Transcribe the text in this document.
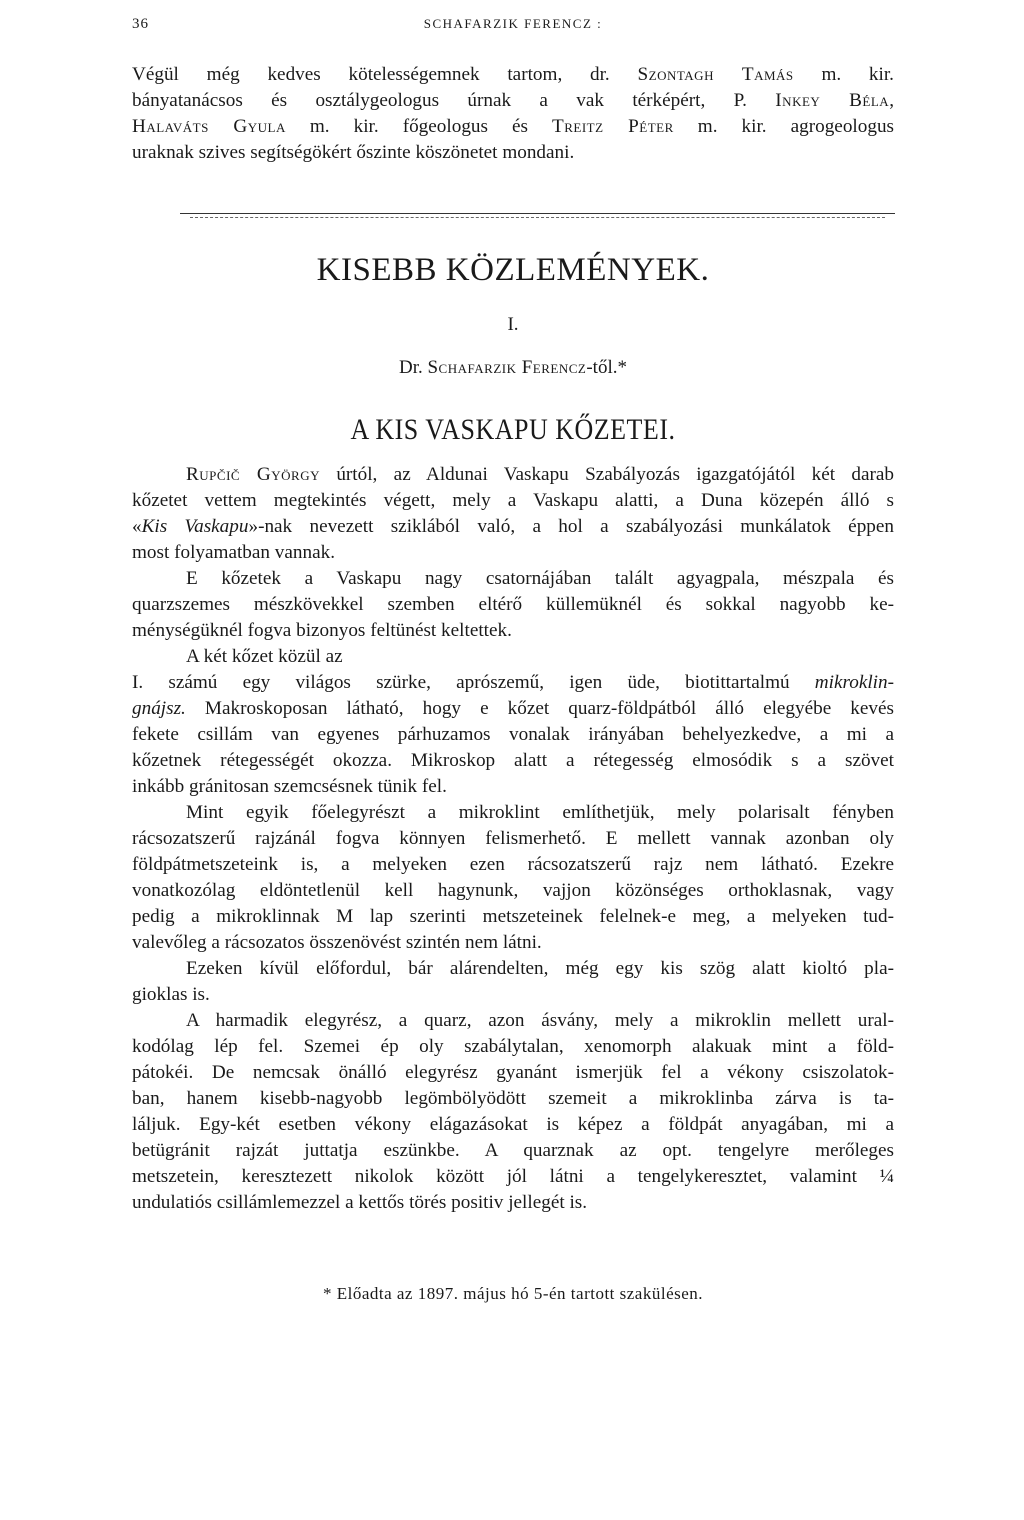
36	SCHAFARZIK FERENCZ :
Végül még kedves kötelességemnek tartom, dr. Szontagh Tamás m. kir.
bányatanácsos és osztálygeologus úrnak a vak térképért, P. Inkey Béla,
Halaváts Gyula m. kir. főgeologus és Treitz Péter m. kir. agrogeologus
uraknak szives segítségökért őszinte köszönetet mondani.
KISEBB KÖZLEMÉNYEK.
I.
Dr. Schafarzik Ferencz-től.*
A KIS VASKAPU KŐZETEI.
Rupčič György úrtól, az Aldunai Vaskapu Szabályozás igazgatójától két darab
kőzetet vettem megtekintés végett, mely a Vaskapu alatti, a Duna közepén álló s
«Kis Vaskapu»-nak nevezett sziklából való, a hol a szabályozási munkálatok éppen
most folyamatban vannak.
E kőzetek a Vaskapu nagy csatornájában talált agyagpala, mészpala és
quarzszemes mészkövekkel szemben eltérő küllemüknél és sokkal nagyobb ke-
ménységüknél fogva bizonyos feltünést keltettek.
A két kőzet közül az
I. számú egy világos szürke, aprószemű, igen üde, biotittartalmú mikroklin-
gnájsz. Makroskoposan látható, hogy e kőzet quarz-földpátból álló elegyébe kevés
fekete csillám van egyenes párhuzamos vonalak irányában behelyezkedve, a mi a
kőzetnek rétegességét okozza. Mikroskop alatt a rétegesség elmosódik s a szövet
inkább gránitosan szemcsésnek tünik fel.
Mint egyik főelegyrészt a mikroklint említhetjük, mely polarisalt fényben
rácsozatszerű rajzánál fogva könnyen felismerhető. E mellett vannak azonban oly
földpátmetszeteink is, a melyeken ezen rácsozatszerű rajz nem látható. Ezekre
vonatkozólag eldöntetlenül kell hagynunk, vajjon közönséges orthoklasnak, vagy
pedig a mikroklinnak M lap szerinti metszeteinek felelnek-e meg, a melyeken tud-
valevőleg a rácsozatos összenövést szintén nem látni.
Ezeken kívül előfordul, bár alárendelten, még egy kis szög alatt kioltó pla-
gioklas is.
A harmadik elegyrész, a quarz, azon ásvány, mely a mikroklin mellett ural-
kodólag lép fel. Szemei ép oly szabálytalan, xenomorph alakuak mint a föld-
pátokéi. De nemcsak önálló elegyrész gyanánt ismerjük fel a vékony csiszolatok-
ban, hanem kisebb-nagyobb legömbölyödött szemeit a mikroklinba zárva is ta-
láljuk. Egy-két esetben vékony elágazásokat is képez a földpát anyagában, mi a
betügránit rajzát juttatja eszünkbe. A quarznak az opt. tengelyre merőleges
metszetein, keresztezett nikolok között jól látni a tengelykeresztet, valamint ¼
undulatiós csillámlemezzel a kettős törés positiv jellegét is.
* Előadta az 1897. május hó 5-én tartott szakülésen.
